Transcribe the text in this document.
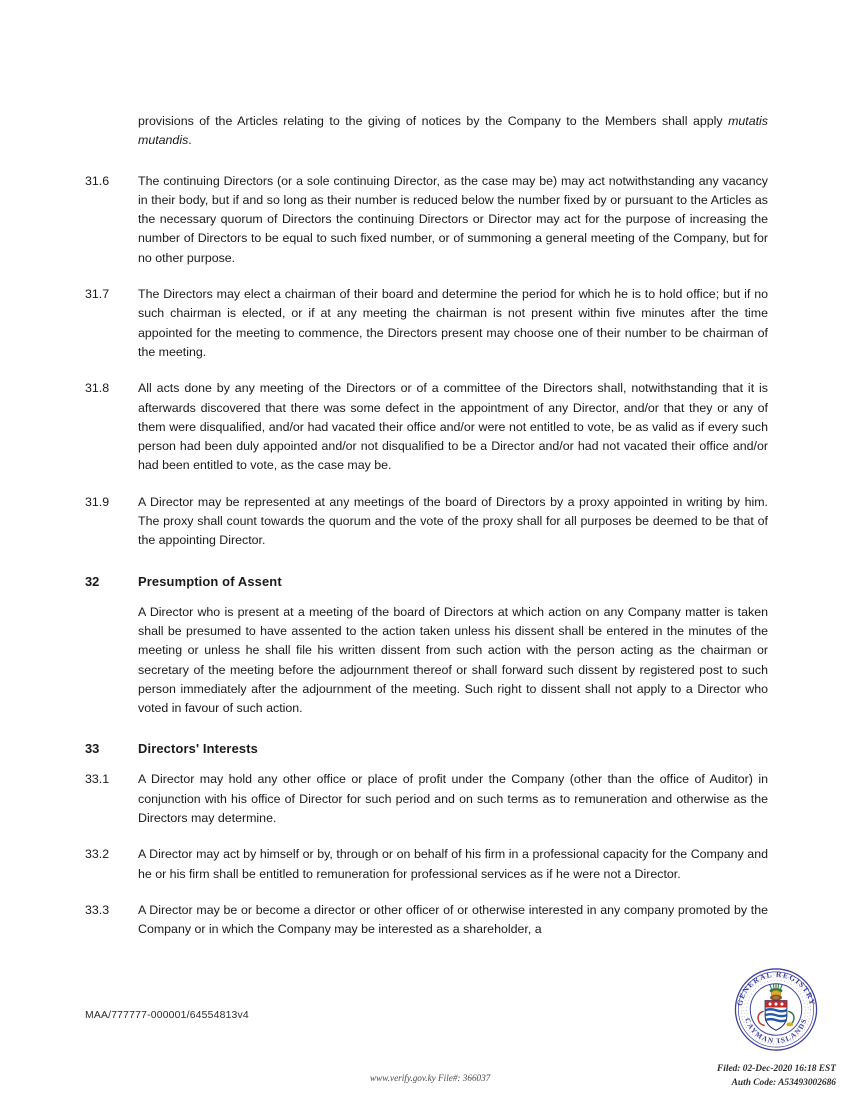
provisions of the Articles relating to the giving of notices by the Company to the Members shall apply mutatis mutandis.
31.6	The continuing Directors (or a sole continuing Director, as the case may be) may act notwithstanding any vacancy in their body, but if and so long as their number is reduced below the number fixed by or pursuant to the Articles as the necessary quorum of Directors the continuing Directors or Director may act for the purpose of increasing the number of Directors to be equal to such fixed number, or of summoning a general meeting of the Company, but for no other purpose.
31.7	The Directors may elect a chairman of their board and determine the period for which he is to hold office; but if no such chairman is elected, or if at any meeting the chairman is not present within five minutes after the time appointed for the meeting to commence, the Directors present may choose one of their number to be chairman of the meeting.
31.8	All acts done by any meeting of the Directors or of a committee of the Directors shall, notwithstanding that it is afterwards discovered that there was some defect in the appointment of any Director, and/or that they or any of them were disqualified, and/or had vacated their office and/or were not entitled to vote, be as valid as if every such person had been duly appointed and/or not disqualified to be a Director and/or had not vacated their office and/or had been entitled to vote, as the case may be.
31.9	A Director may be represented at any meetings of the board of Directors by a proxy appointed in writing by him. The proxy shall count towards the quorum and the vote of the proxy shall for all purposes be deemed to be that of the appointing Director.
32	Presumption of Assent
A Director who is present at a meeting of the board of Directors at which action on any Company matter is taken shall be presumed to have assented to the action taken unless his dissent shall be entered in the minutes of the meeting or unless he shall file his written dissent from such action with the person acting as the chairman or secretary of the meeting before the adjournment thereof or shall forward such dissent by registered post to such person immediately after the adjournment of the meeting. Such right to dissent shall not apply to a Director who voted in favour of such action.
33	Directors' Interests
33.1	A Director may hold any other office or place of profit under the Company (other than the office of Auditor) in conjunction with his office of Director for such period and on such terms as to remuneration and otherwise as the Directors may determine.
33.2	A Director may act by himself or by, through or on behalf of his firm in a professional capacity for the Company and he or his firm shall be entitled to remuneration for professional services as if he were not a Director.
33.3	A Director may be or become a director or other officer of or otherwise interested in any company promoted by the Company or in which the Company may be interested as a shareholder, a
MAA/777777-000001/64554813v4
GENERAL REGISTRY
CAYMAN ISLANDS
www.verify.gov.ky File#: 366037
Filed: 02-Dec-2020 16:18 EST
Auth Code: A53493002686
